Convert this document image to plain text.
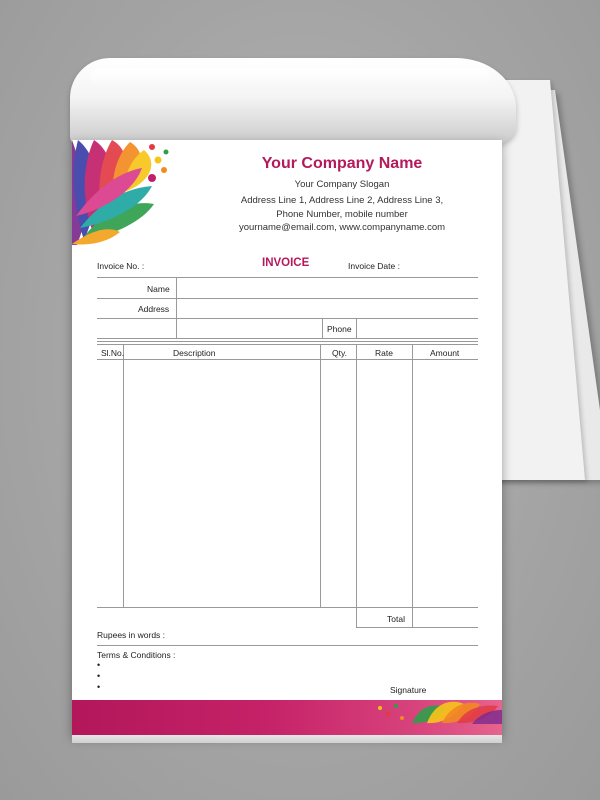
Your Company Name
Your Company Slogan
Address Line 1, Address Line 2, Address Line 3,
Phone Number, mobile number
yourname@email.com, www.companyname.com
Invoice No. :	INVOICE	Invoice Date :
Name
Address
Phone
Sl.No.	Description	Qty.	Rate	Amount
Total
Rupees in words :
Terms & Conditions :
•
•
•	Signature
